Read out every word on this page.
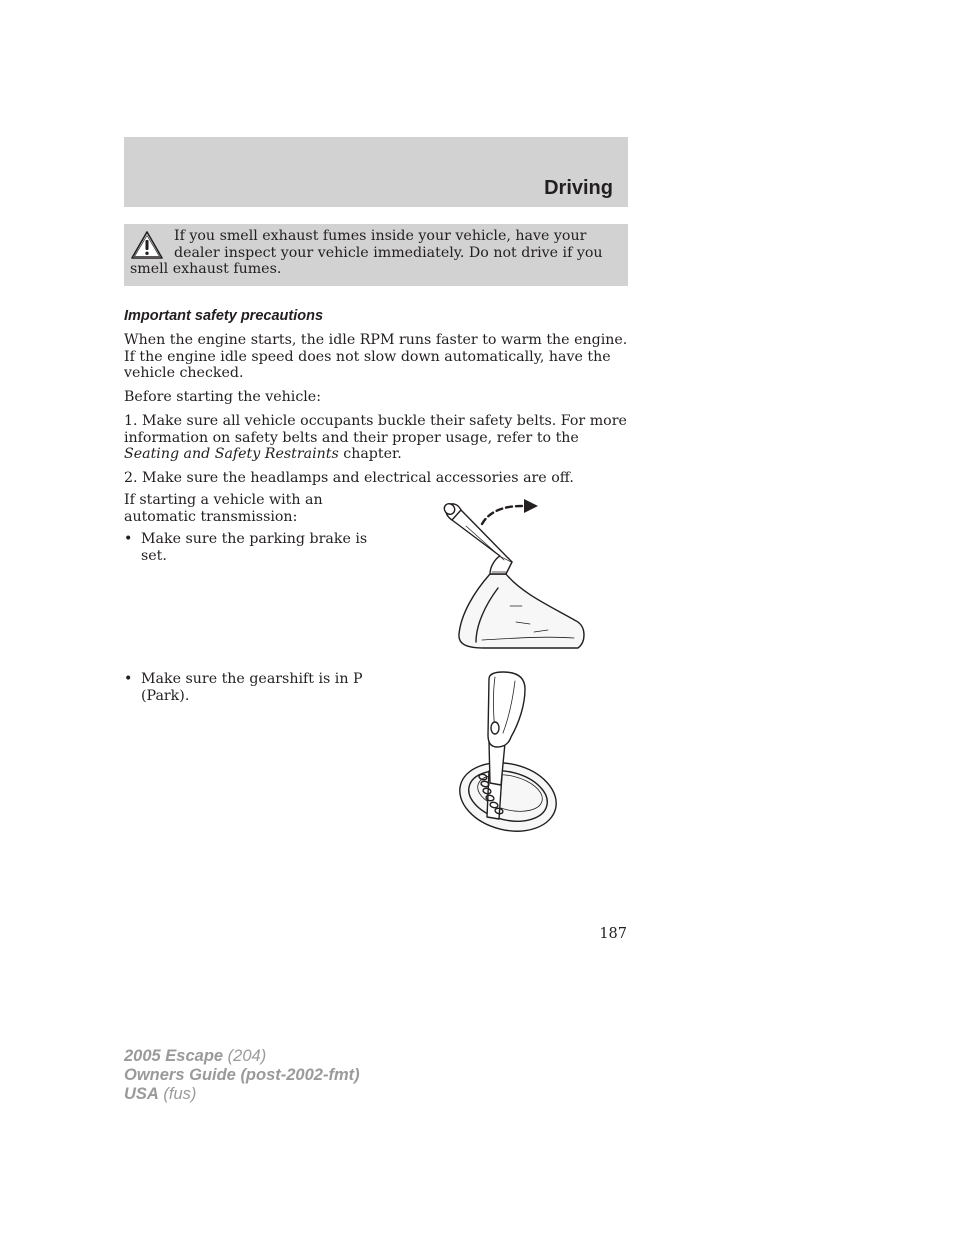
Driving
If you smell exhaust fumes inside your vehicle, have your dealer inspect your vehicle immediately. Do not drive if you smell exhaust fumes.
Important safety precautions

When the engine starts, the idle RPM runs faster to warm the engine. If the engine idle speed does not slow down automatically, have the vehicle checked.

Before starting the vehicle:

1. Make sure all vehicle occupants buckle their safety belts. For more information on safety belts and their proper usage, refer to the Seating and Safety Restraints chapter.

2. Make sure the headlamps and electrical accessories are off.

If starting a vehicle with an automatic transmission:

• Make sure the parking brake is set.

• Make sure the gearshift is in P (Park).

187
2005 Escape (204)
Owners Guide (post-2002-fmt)
USA (fus)
